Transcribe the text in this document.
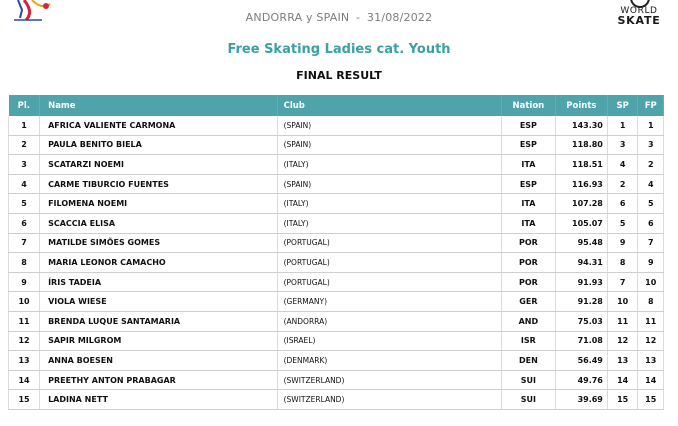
ANDORRA y SPAIN - 31/08/2022	WORLD
SKATE
Free Skating Ladies cat. Youth
FINAL RESULT
Pl.	Name	Club	Nation	Points	SP	FP
1	AFRICA VALIENTE CARMONA	(SPAIN)	ESP	143.30	1	1
2	PAULA BENITO BIELA	(SPAIN)	ESP	118.80	3	3
3	SCATARZI NOEMI	(ITALY)	ITA	118.51	4	2
4	CARME TIBURCIO FUENTES	(SPAIN)	ESP	116.93	2	4
5	FILOMENA NOEMI	(ITALY)	ITA	107.28	6	5
6	SCACCIA ELISA	(ITALY)	ITA	105.07	5	6
7	MATILDE SIMÕES GOMES	(PORTUGAL)	POR	95.48	9	7
8	MARIA LEONOR CAMACHO	(PORTUGAL)	POR	94.31	8	9
9	ÍRIS TADEIA	(PORTUGAL)	POR	91.93	7	10
10	VIOLA WIESE	(GERMANY)	GER	91.28	10	8
11	BRENDA LUQUE SANTAMARIA	(ANDORRA)	AND	75.03	11	11
12	SAPIR MILGROM	(ISRAEL)	ISR	71.08	12	12
13	ANNA BOESEN	(DENMARK)	DEN	56.49	13	13
14	PREETHY ANTON PRABAGAR	(SWITZERLAND)	SUI	49.76	14	14
15	LADINA NETT	(SWITZERLAND)	SUI	39.69	15	15
